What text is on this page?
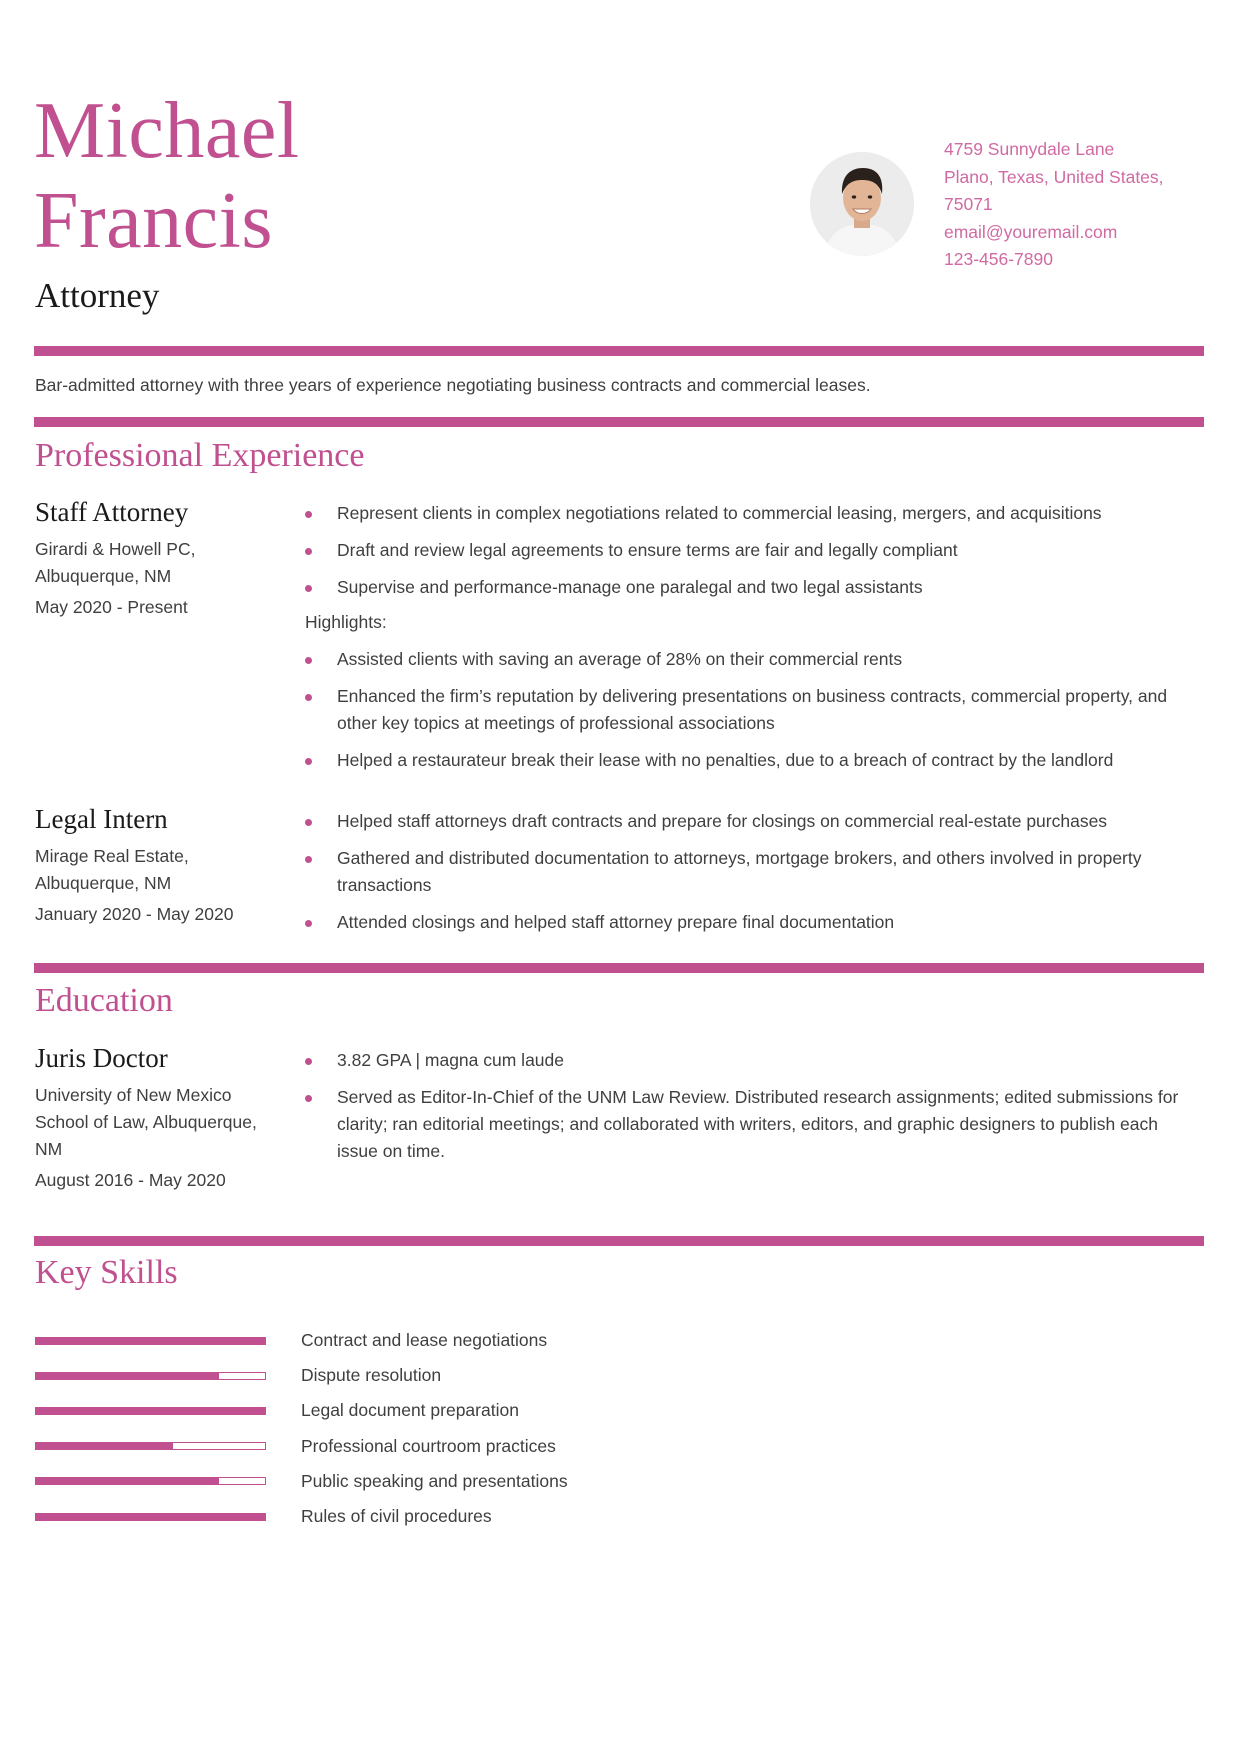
Michael
Francis
Attorney
4759 Sunnydale Lane
Plano, Texas, United States,
75071
email@youremail.com
123-456-7890
Bar-admitted attorney with three years of experience negotiating business contracts and commercial leases.
Professional Experience
Staff Attorney
Girardi & Howell PC,
Albuquerque, NM
May 2020 - Present
Represent clients in complex negotiations related to commercial leasing, mergers, and acquisitions
Draft and review legal agreements to ensure terms are fair and legally compliant
Supervise and performance-manage one paralegal and two legal assistants
Highlights:
Assisted clients with saving an average of 28% on their commercial rents
Enhanced the firm’s reputation by delivering presentations on business contracts, commercial property, and other key topics at meetings of professional associations
Helped a restaurateur break their lease with no penalties, due to a breach of contract by the landlord
Legal Intern
Mirage Real Estate,
Albuquerque, NM
January 2020 - May 2020
Helped staff attorneys draft contracts and prepare for closings on commercial real-estate purchases
Gathered and distributed documentation to attorneys, mortgage brokers, and others involved in property transactions
Attended closings and helped staff attorney prepare final documentation
Education
Juris Doctor
University of New Mexico
School of Law, Albuquerque,
NM
August 2016 - May 2020
3.82 GPA | magna cum laude
Served as Editor-In-Chief of the UNM Law Review. Distributed research assignments; edited submissions for clarity; ran editorial meetings; and collaborated with writers, editors, and graphic designers to publish each issue on time.
Key Skills
Contract and lease negotiations
Dispute resolution
Legal document preparation
Professional courtroom practices
Public speaking and presentations
Rules of civil procedures
